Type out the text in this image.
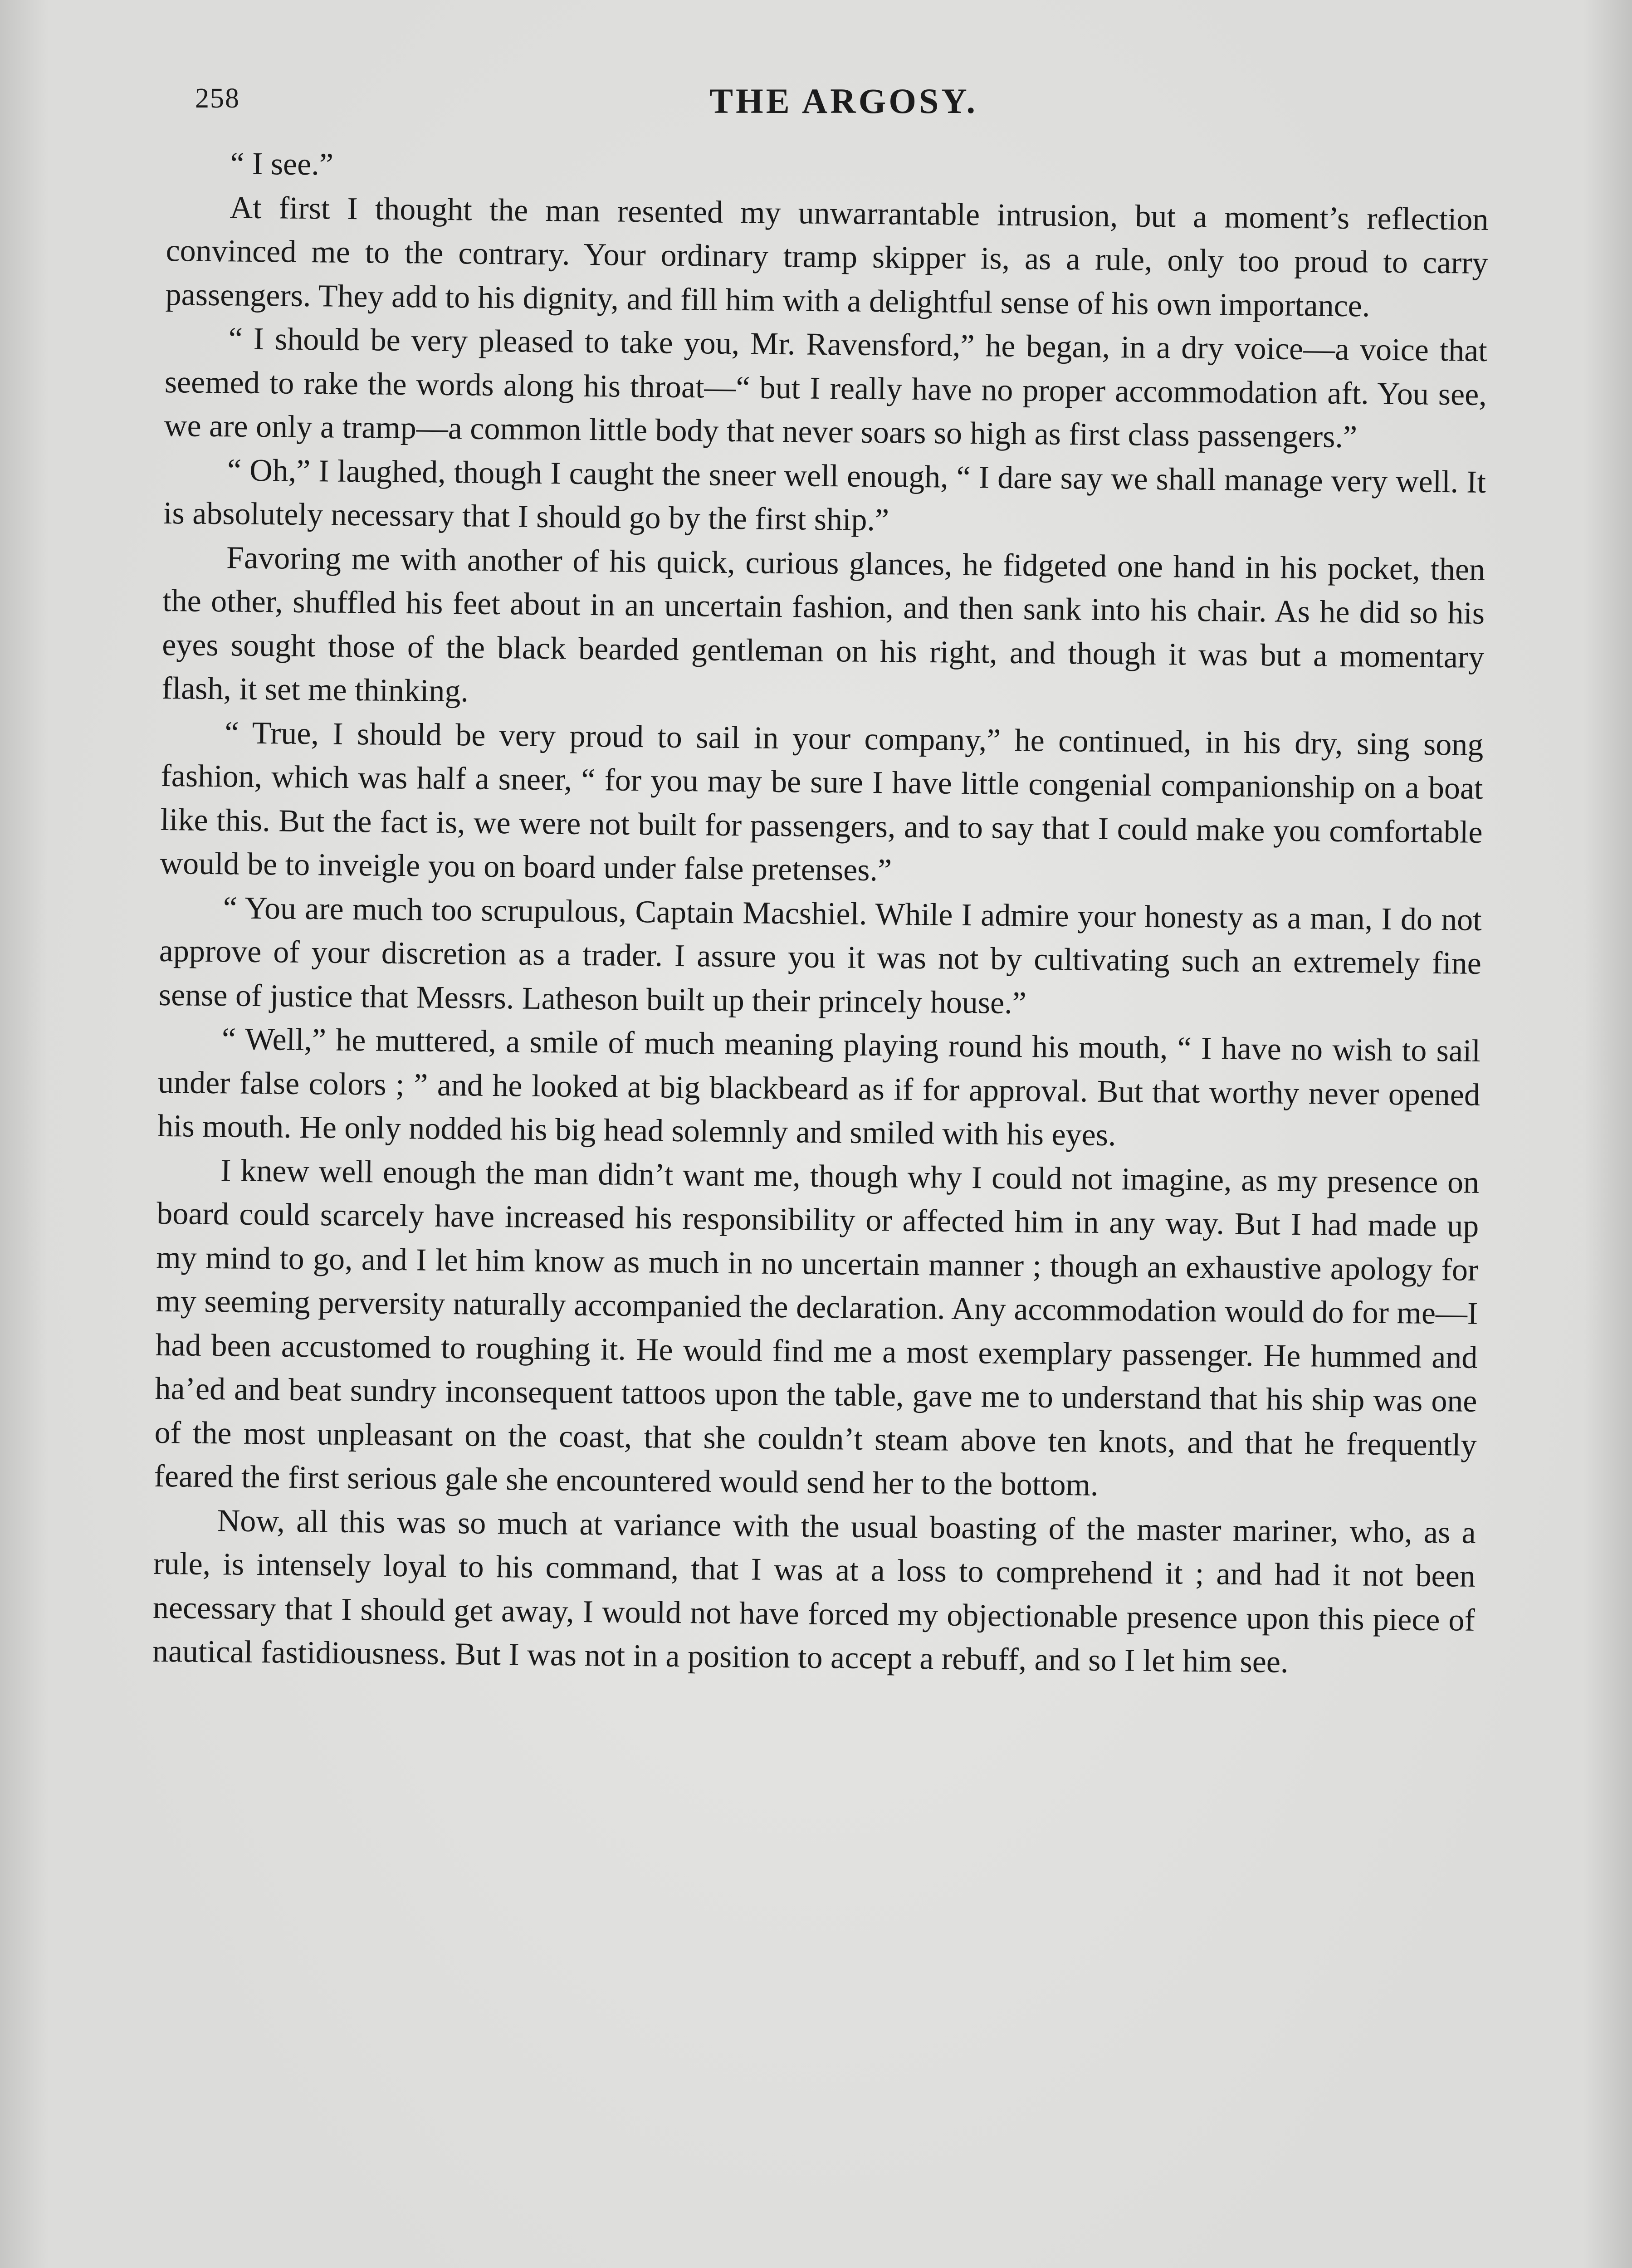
258	THE ARGOSY.

“ I see.”

At first I thought the man resented my unwarrantable intrusion, but a moment’s reflection convinced me to the contrary. Your ordinary tramp skipper is, as a rule, only too proud to carry passengers. They add to his dignity, and fill him with a delightful sense of his own importance.

“ I should be very pleased to take you, Mr. Ravensford,” he began, in a dry voice—a voice that seemed to rake the words along his throat—“ but I really have no proper accommodation aft. You see, we are only a tramp—a common little body that never soars so high as first class passengers.”

“ Oh,” I laughed, though I caught the sneer well enough, “ I dare say we shall manage very well. It is absolutely necessary that I should go by the first ship.”

Favoring me with another of his quick, curious glances, he fidgeted one hand in his pocket, then the other, shuffled his feet about in an uncertain fashion, and then sank into his chair. As he did so his eyes sought those of the black bearded gentleman on his right, and though it was but a momentary flash, it set me thinking.

“ True, I should be very proud to sail in your company,” he continued, in his dry, sing song fashion, which was half a sneer, “ for you may be sure I have little congenial companionship on a boat like this. But the fact is, we were not built for passengers, and to say that I could make you comfortable would be to inveigle you on board under false pretenses.”

“ You are much too scrupulous, Captain Macshiel. While I admire your honesty as a man, I do not approve of your discretion as a trader. I assure you it was not by cultivating such an extremely fine sense of justice that Messrs. Latheson built up their princely house.”

“ Well,” he muttered, a smile of much meaning playing round his mouth, “ I have no wish to sail under false colors ; ” and he looked at big blackbeard as if for approval. But that worthy never opened his mouth. He only nodded his big head solemnly and smiled with his eyes.

I knew well enough the man didn’t want me, though why I could not imagine, as my presence on board could scarcely have increased his responsibility or affected him in any way. But I had made up my mind to go, and I let him know as much in no uncertain manner ; though an exhaustive apology for my seeming perversity naturally accompanied the declaration. Any accommodation would do for me—I had been accustomed to roughing it. He would find me a most exemplary passenger. He hummed and ha’ed and beat sundry inconsequent tattoos upon the table, gave me to understand that his ship was one of the most unpleasant on the coast, that she couldn’t steam above ten knots, and that he frequently feared the first serious gale she encountered would send her to the bottom.

Now, all this was so much at variance with the usual boasting of the master mariner, who, as a rule, is intensely loyal to his command, that I was at a loss to comprehend it ; and had it not been necessary that I should get away, I would not have forced my objectionable presence upon this piece of nautical fastidiousness. But I was not in a position to accept a rebuff, and so I let him see.
